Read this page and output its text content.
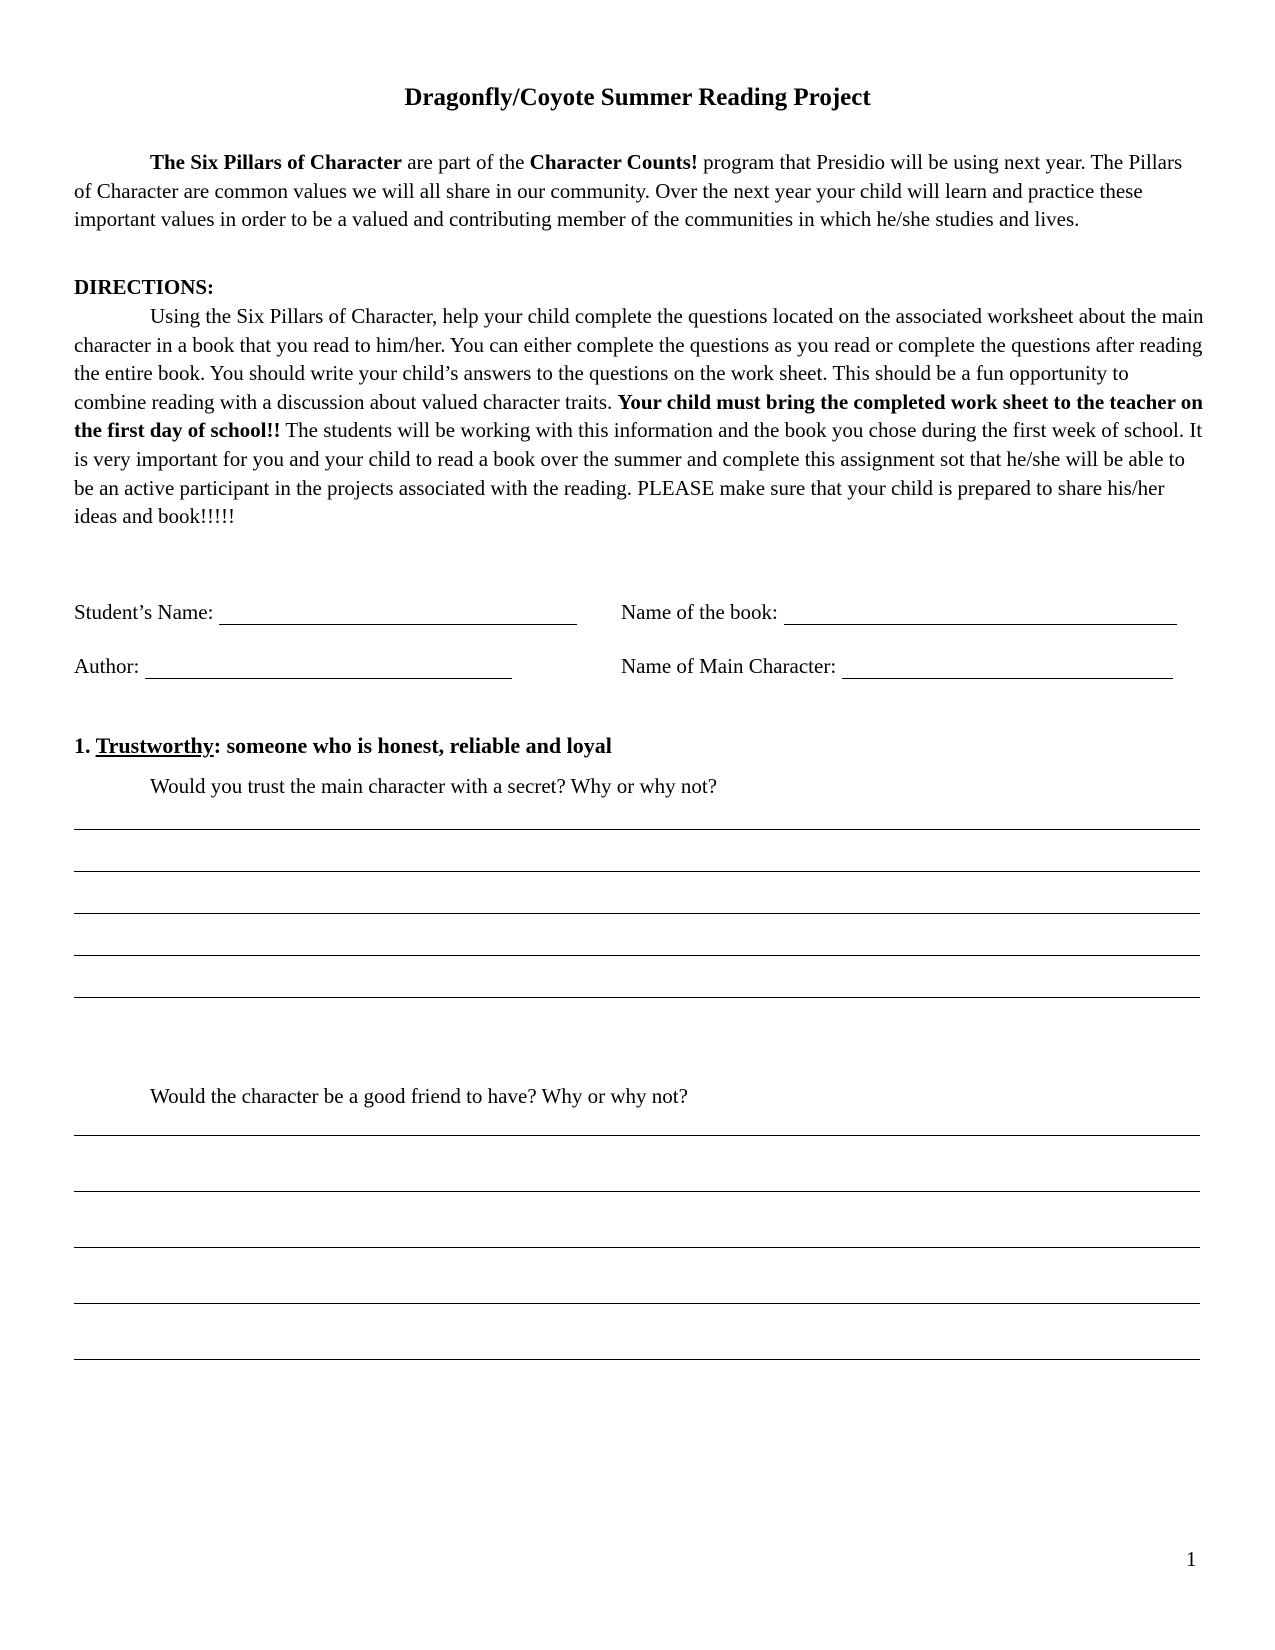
Dragonfly/Coyote Summer Reading Project
The Six Pillars of Character are part of the Character Counts! program that Presidio will be using next year. The Pillars of Character are common values we will all share in our community. Over the next year your child will learn and practice these important values in order to be a valued and contributing member of the communities in which he/she studies and lives.
DIRECTIONS:
Using the Six Pillars of Character, help your child complete the questions located on the associated worksheet about the main character in a book that you read to him/her. You can either complete the questions as you read or complete the questions after reading the entire book. You should write your child’s answers to the questions on the work sheet. This should be a fun opportunity to combine reading with a discussion about valued character traits. Your child must bring the completed work sheet to the teacher on the first day of school!! The students will be working with this information and the book you chose during the first week of school. It is very important for you and your child to read a book over the summer and complete this assignment sot that he/she will be able to be an active participant in the projects associated with the reading. PLEASE make sure that your child is prepared to share his/her ideas and book!!!!!
Student’s Name:	Name of the book:
Author:	Name of Main Character:
1. Trustworthy: someone who is honest, reliable and loyal
Would you trust the main character with a secret? Why or why not?
Would the character be a good friend to have? Why or why not?
1
